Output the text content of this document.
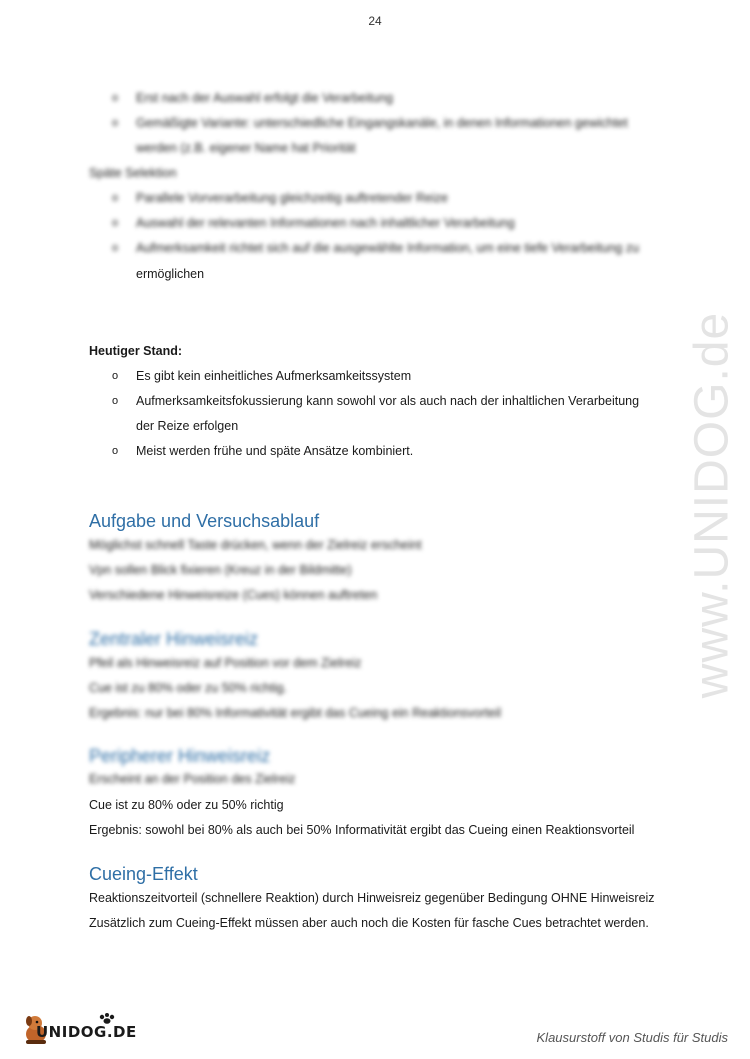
24
www.UNIDOG.de
o Erst nach der Auswahl erfolgt die Verarbeitung
o Gemäßigte Variante: unterschiedliche Eingangskanäle, in denen Informationen gewichtet
werden (z.B. eigener Name hat Priorität
Späte Selektion
o Parallele Vorverarbeitung gleichzeitig auftretender Reize
o Auswahl der relevanten Informationen nach inhaltlicher Verarbeitung
o Aufmerksamkeit richtet sich auf die ausgewählte Information, um eine tiefe Verarbeitung zu
ermöglichen
Heutiger Stand:
o Es gibt kein einheitliches Aufmerksamkeitssystem
o Aufmerksamkeitsfokussierung kann sowohl vor als auch nach der inhaltlichen Verarbeitung
der Reize erfolgen
o Meist werden frühe und späte Ansätze kombiniert.
Aufgabe und Versuchsablauf
Möglichst schnell Taste drücken, wenn der Zielreiz erscheint
Vpn sollen Blick fixieren (Kreuz in der Bildmitte)
Verschiedene Hinweisreize (Cues) können auftreten
Zentraler Hinweisreiz
Pfeil als Hinweisreiz auf Position vor dem Zielreiz
Cue ist zu 80% oder zu 50% richtig.
Ergebnis: nur bei 80% Informativität ergibt das Cueing ein Reaktionsvorteil
Peripherer Hinweisreiz
Erscheint an der Position des Zielreiz
Cue ist zu 80% oder zu 50% richtig
Ergebnis: sowohl bei 80% als auch bei 50% Informativität ergibt das Cueing einen Reaktionsvorteil
Cueing-Effekt
Reaktionszeitvorteil (schnellere Reaktion) durch Hinweisreiz gegenüber Bedingung OHNE Hinweisreiz
Zusätzlich zum Cueing-Effekt müssen aber auch noch die Kosten für fasche Cues betrachtet werden.
UNIDOG.DE	Klausurstoff von Studis für Studis
